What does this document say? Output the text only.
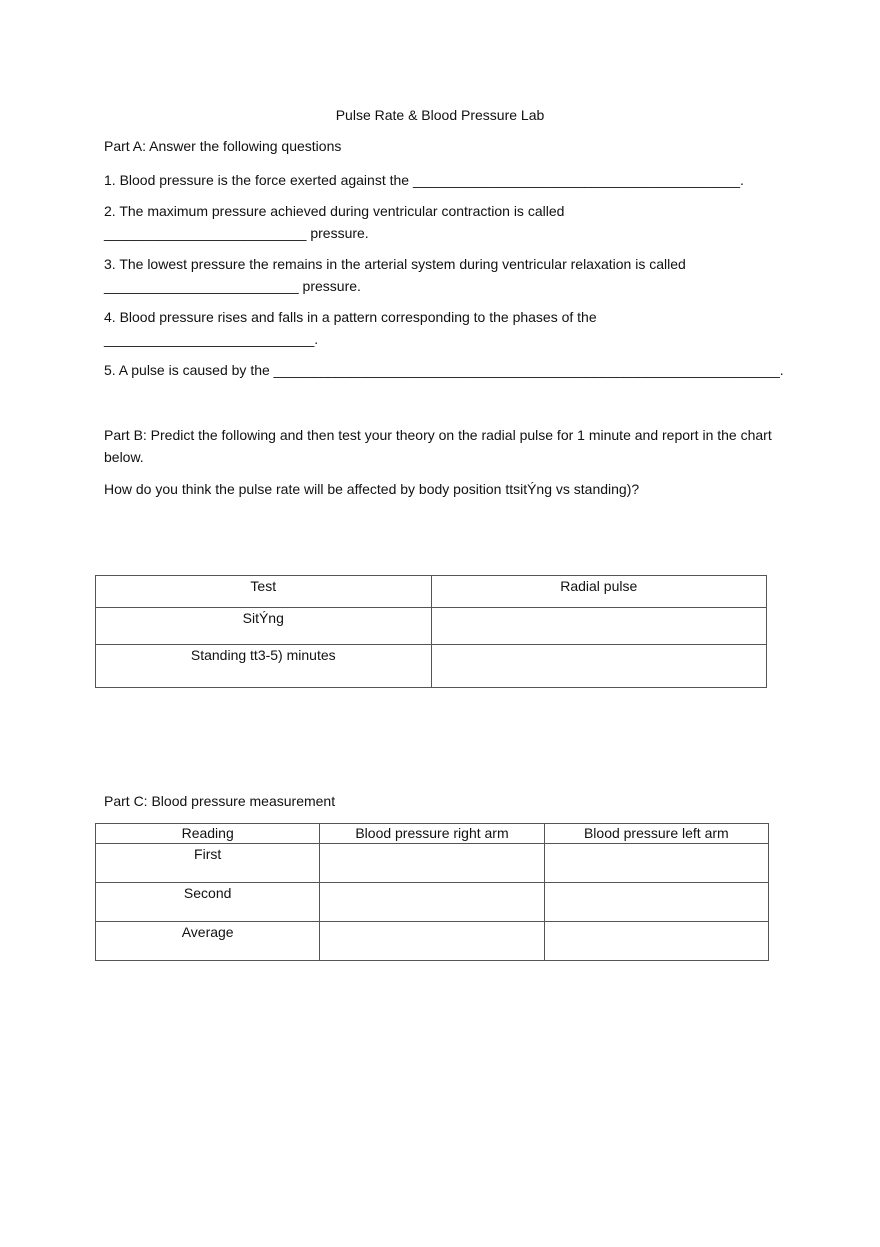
Pulse Rate & Blood Pressure Lab
Part A: Answer the following questions
1. Blood pressure is the force exerted against the __________________________________________.
2. The maximum pressure achieved during ventricular contraction is called
__________________________ pressure.
3. The lowest pressure the remains in the arterial system during ventricular relaxation is called
_________________________ pressure.
4. Blood pressure rises and falls in a pattern corresponding to the phases of the
___________________________.
5. A pulse is caused by the _________________________________________________________________.
Part B: Predict the following and then test your theory on the radial pulse for 1 minute and report in the chart below.
How do you think the pulse rate will be affected by body position ttsitÝng vs standing)?
Test	Radial pulse
SitÝng	
Standing tt3-5) minutes	
Part C: Blood pressure measurement
Reading	Blood pressure right arm	Blood pressure left arm
First		
Second		
Average		
